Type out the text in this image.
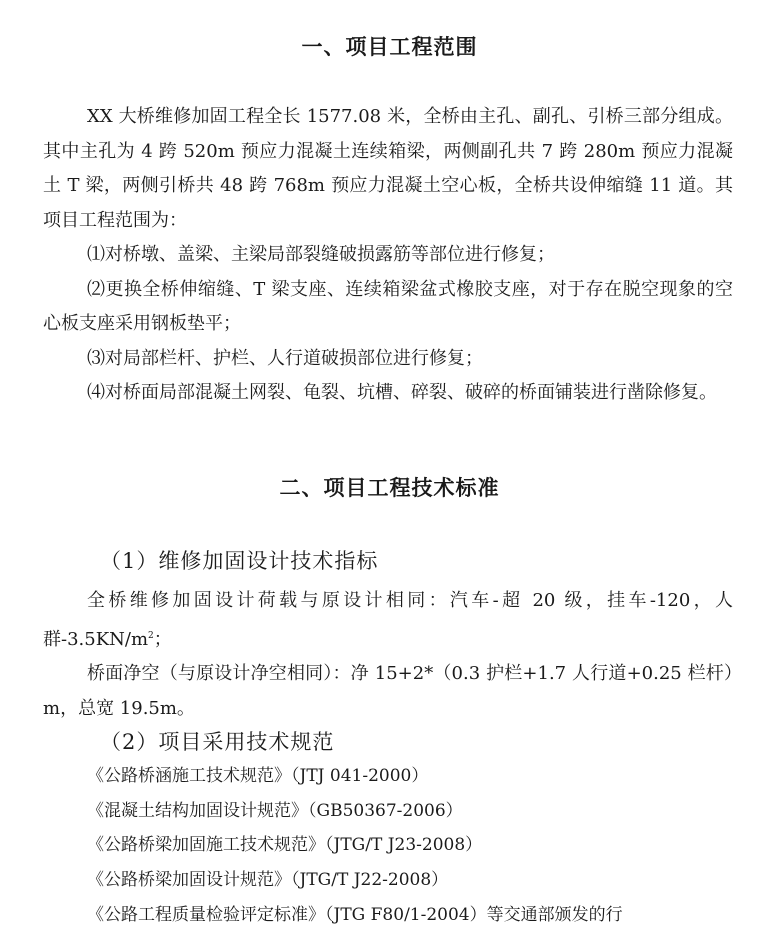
一、项目工程范围

XX 大桥维修加固工程全长 1577.08 米，全桥由主孔、副孔、引桥三部分组成。其中主孔为 4 跨 520m 预应力混凝土连续箱梁，两侧副孔共 7 跨 280m 预应力混凝土 T 梁，两侧引桥共 48 跨 768m 预应力混凝土空心板，全桥共设伸缩缝 11 道。其项目工程范围为：

⑴对桥墩、盖梁、主梁局部裂缝破损露筋等部位进行修复；

⑵更换全桥伸缩缝、T 梁支座、连续箱梁盆式橡胶支座，对于存在脱空现象的空心板支座采用钢板垫平；

⑶对局部栏杆、护栏、人行道破损部位进行修复；

⑷对桥面局部混凝土网裂、龟裂、坑槽、碎裂、破碎的桥面铺装进行凿除修复。

二、项目工程技术标准
（1）维修加固设计技术指标

全桥维修加固设计荷载与原设计相同：汽车-超 20 级，挂车-120，人群$-3.5KN/m^2$；

桥面净空（与原设计净空相同）：净 15+2*（0.3 护栏+1.7 人行道+0.25 栏杆）m，总宽 19.5m。

（2）项目采用技术规范
《公路桥涵施工技术规范》（JTJ 041-2000）
《混凝土结构加固设计规范》（GB50367-2006）
《公路桥梁加固施工技术规范》（JTG/T J23-2008）
《公路桥梁加固设计规范》（JTG/T J22-2008）
《公路工程质量检验评定标准》（JTG F80/1-2004）等交通部颁发的行
